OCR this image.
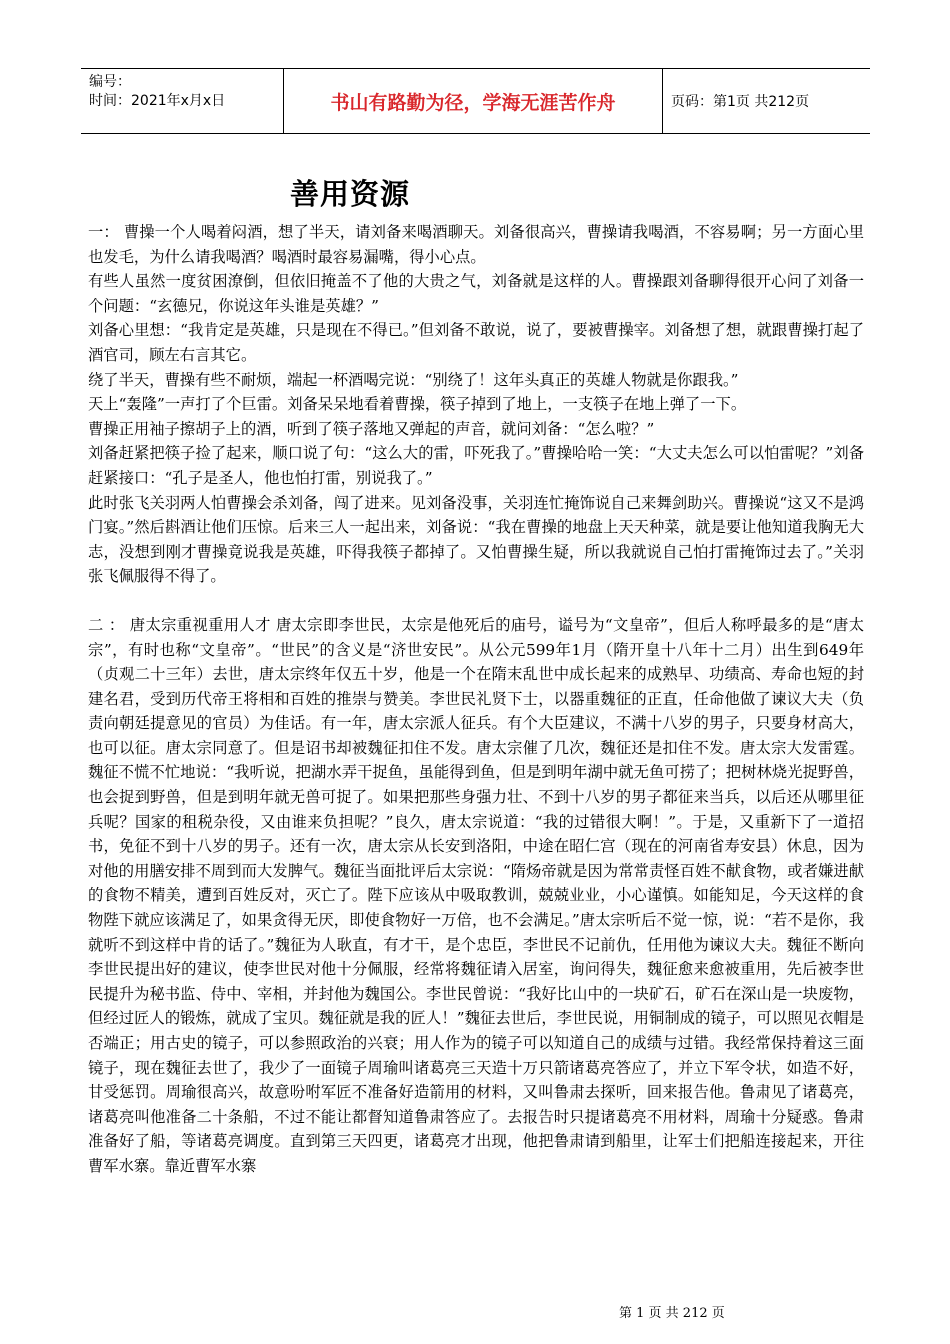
编号：
时间：2021年x月x日	书山有路勤为径，学海无涯苦作舟	页码：第1页 共212页
善用资源

一： 曹操一个人喝着闷酒，想了半天，请刘备来喝酒聊天。刘备很高兴，曹操请我喝酒，不容易啊；另一方面心里也发毛，为什么请我喝酒？喝酒时最容易漏嘴，得小心点。

有些人虽然一度贫困潦倒，但依旧掩盖不了他的大贵之气，刘备就是这样的人。曹操跟刘备聊得很开心问了刘备一个问题：“玄德兄，你说这年头谁是英雄？”

刘备心里想：“我肯定是英雄，只是现在不得已。”但刘备不敢说，说了，要被曹操宰。刘备想了想，就跟曹操打起了酒官司，顾左右言其它。

绕了半天，曹操有些不耐烦，端起一杯酒喝完说：“别绕了！这年头真正的英雄人物就是你跟我。”

天上“轰隆”一声打了个巨雷。刘备呆呆地看着曹操，筷子掉到了地上，一支筷子在地上弹了一下。

曹操正用袖子擦胡子上的酒，听到了筷子落地又弹起的声音，就问刘备：“怎么啦？”

刘备赶紧把筷子捡了起来，顺口说了句：“这么大的雷，吓死我了。”曹操哈哈一笑：“大丈夫怎么可以怕雷呢？”刘备赶紧接口：“孔子是圣人，他也怕打雷，别说我了。”

此时张飞关羽两人怕曹操会杀刘备，闯了进来。见刘备没事，关羽连忙掩饰说自己来舞剑助兴。曹操说“这又不是鸿门宴。”然后斟酒让他们压惊。后来三人一起出来，刘备说：“我在曹操的地盘上天天种菜，就是要让他知道我胸无大志，没想到刚才曹操竟说我是英雄，吓得我筷子都掉了。又怕曹操生疑，所以我就说自己怕打雷掩饰过去了。”关羽张飞佩服得不得了。

二 ： 唐太宗重视重用人才 唐太宗即李世民，太宗是他死后的庙号，谥号为“文皇帝”，但后人称呼最多的是“唐太宗”，有时也称“文皇帝”。“世民”的含义是“济世安民”。从公元599年1月（隋开皇十八年十二月）出生到649年（贞观二十三年）去世，唐太宗终年仅五十岁，他是一个在隋末乱世中成长起来的成熟早、功绩高、寿命也短的封建名君，受到历代帝王将相和百姓的推崇与赞美。李世民礼贤下士，以器重魏征的正直，任命他做了谏议大夫（负责向朝廷提意见的官员）为佳话。有一年，唐太宗派人征兵。有个大臣建议，不满十八岁的男子，只要身材高大，也可以征。唐太宗同意了。但是诏书却被魏征扣住不发。唐太宗催了几次，魏征还是扣住不发。唐太宗大发雷霆。魏征不慌不忙地说：“我听说，把湖水弄干捉鱼，虽能得到鱼，但是到明年湖中就无鱼可捞了；把树林烧光捉野兽，也会捉到野兽，但是到明年就无兽可捉了。如果把那些身强力壮、不到十八岁的男子都征来当兵，以后还从哪里征兵呢？国家的租税杂役，又由谁来负担呢？”良久，唐太宗说道：“我的过错很大啊！”。于是，又重新下了一道招书，免征不到十八岁的男子。还有一次，唐太宗从长安到洛阳，中途在昭仁宫（现在的河南省寿安县）休息，因为对他的用膳安排不周到而大发脾气。魏征当面批评后太宗说：“隋炀帝就是因为常常责怪百姓不献食物，或者嫌进献的食物不精美，遭到百姓反对，灭亡了。陛下应该从中吸取教训，兢兢业业，小心谨慎。如能知足，今天这样的食物陛下就应该满足了，如果贪得无厌，即使食物好一万倍，也不会满足。”唐太宗听后不觉一惊，说：“若不是你，我就听不到这样中肯的话了。”魏征为人耿直，有才干，是个忠臣，李世民不记前仇，任用他为谏议大夫。魏征不断向李世民提出好的建议，使李世民对他十分佩服，经常将魏征请入居室，询问得失，魏征愈来愈被重用，先后被李世民提升为秘书监、侍中、宰相，并封他为魏国公。李世民曾说：“我好比山中的一块矿石，矿石在深山是一块废物，但经过匠人的锻炼，就成了宝贝。魏征就是我的匠人！”魏征去世后，李世民说，用铜制成的镜子，可以照见衣帽是否端正；用古史的镜子，可以参照政治的兴衰；用人作为的镜子可以知道自己的成绩与过错。我经常保持着这三面镜子，现在魏征去世了，我少了一面镜子周瑜叫诸葛亮三天造十万只箭诸葛亮答应了，并立下军令状，如造不好，甘受惩罚。周瑜很高兴，故意吩咐军匠不准备好造箭用的材料，又叫鲁肃去探听，回来报告他。鲁肃见了诸葛亮，诸葛亮叫他准备二十条船，不过不能让都督知道鲁肃答应了。去报告时只提诸葛亮不用材料，周瑜十分疑惑。鲁肃准备好了船，等诸葛亮调度。直到第三天四更，诸葛亮才出现，他把鲁肃请到船里，让军士们把船连接起来，开往曹军水寨。靠近曹军水寨

第 1 页 共 212 页
